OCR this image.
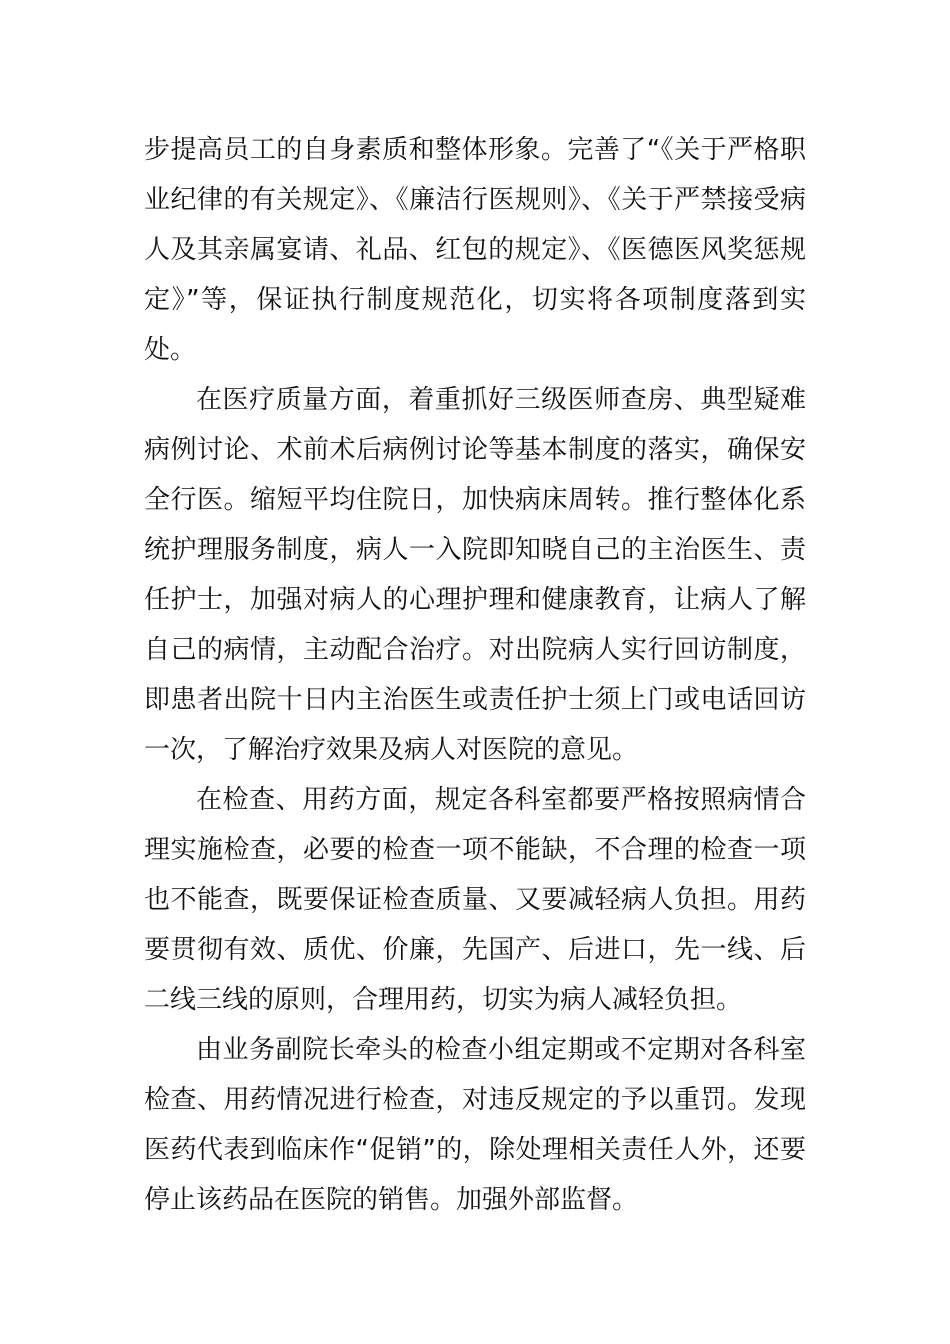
步提高员工的自身素质和整体形象。完善了“《关于严格职业纪律的有关规定》、《廉洁行医规则》、《关于严禁接受病人及其亲属宴请、礼品、红包的规定》、《医德医风奖惩规定》”等，保证执行制度规范化，切实将各项制度落到实处。

在医疗质量方面，着重抓好三级医师查房、典型疑难病例讨论、术前术后病例讨论等基本制度的落实，确保安全行医。缩短平均住院日，加快病床周转。推行整体化系统护理服务制度，病人一入院即知晓自己的主治医生、责任护士，加强对病人的心理护理和健康教育，让病人了解自己的病情，主动配合治疗。对出院病人实行回访制度，即患者出院十日内主治医生或责任护士须上门或电话回访一次，了解治疗效果及病人对医院的意见。

在检查、用药方面，规定各科室都要严格按照病情合理实施检查，必要的检查一项不能缺，不合理的检查一项也不能查，既要保证检查质量、又要减轻病人负担。用药要贯彻有效、质优、价廉，先国产、后进口，先一线、后二线三线的原则，合理用药，切实为病人减轻负担。

由业务副院长牵头的检查小组定期或不定期对各科室检查、用药情况进行检查，对违反规定的予以重罚。发现医药代表到临床作“促销”的，除处理相关责任人外，还要停止该药品在医院的销售。加强外部监督。
